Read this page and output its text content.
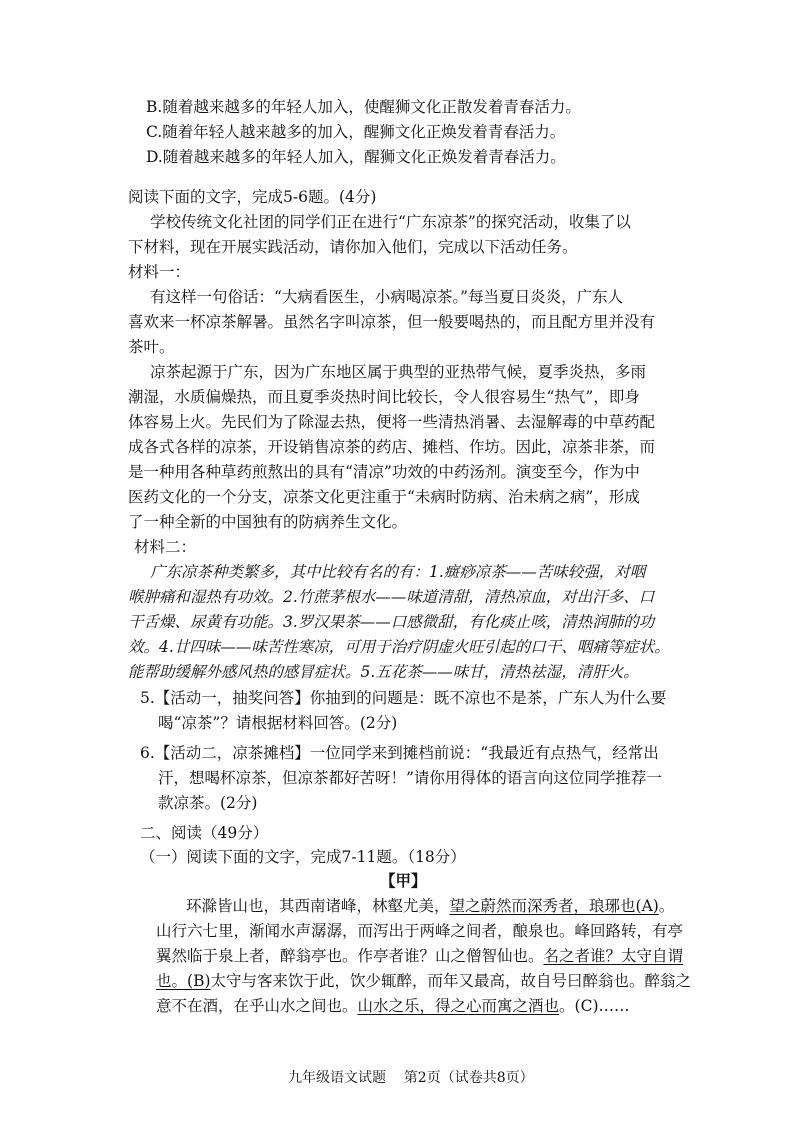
B.随着越来越多的年轻人加入，使醒狮文化正散发着青春活力。
C.随着年轻人越来越多的加入，醒狮文化正焕发着青春活力。
D.随着越来越多的年轻人加入，醒狮文化正焕发着青春活力。
阅读下面的文字，完成5-6题。(4分)
学校传统文化社团的同学们正在进行“广东凉茶”的探究活动，收集了以
下材料，现在开展实践活动，请你加入他们，完成以下活动任务。
材料一：
有这样一句俗话：“大病看医生，小病喝凉茶。”每当夏日炎炎，广东人
喜欢来一杯凉茶解暑。虽然名字叫凉茶，但一般要喝热的，而且配方里并没有
茶叶。
凉茶起源于广东，因为广东地区属于典型的亚热带气候，夏季炎热，多雨
潮湿，水质偏燥热，而且夏季炎热时间比较长，令人很容易生“热气”，即身
体容易上火。先民们为了除湿去热，便将一些清热消暑、去湿解毒的中草药配
成各式各样的凉茶，开设销售凉茶的药店、摊档、作坊。因此，凉茶非茶，而
是一种用各种草药煎熬出的具有“清凉”功效的中药汤剂。演变至今，作为中
医药文化的一个分支，凉茶文化更注重于“未病时防病、治未病之病”，形成
了一种全新的中国独有的防病养生文化。
材料二：
广东凉茶种类繁多，其中比较有名的有：1.癍痧凉茶——苦味较强，对咽
喉肿痛和湿热有功效。2.竹蔗茅根水——味道清甜，清热凉血，对出汗多、口
干舌燥、尿黄有功能。3.罗汉果茶——口感微甜，有化痰止咳，清热润肺的功
效。4.廿四味——味苦性寒凉，可用于治疗阴虚火旺引起的口干、咽痛等症状。
能帮助缓解外感风热的感冒症状。5.五花茶——味甘，清热祛湿，清肝火。
5.【活动一，抽奖问答】你抽到的问题是：既不凉也不是茶，广东人为什么要
喝“凉茶”？请根据材料回答。(2分)
6.【活动二，凉茶摊档】一位同学来到摊档前说：“我最近有点热气，经常出
汗，想喝杯凉茶，但凉茶都好苦呀！”请你用得体的语言向这位同学推荐一
款凉茶。(2分)
二、阅读（49分）
（一）阅读下面的文字，完成7-11题。（18分）
【甲】
环滁皆山也，其西南诸峰，林壑尤美，望之蔚然而深秀者，琅琊也(A)。
山行六七里，渐闻水声潺潺，而泻出于两峰之间者，酿泉也。峰回路转，有亭
翼然临于泉上者，醉翁亭也。作亭者谁？山之僧智仙也。名之者谁？太守自谓
也。(B)太守与客来饮于此，饮少辄醉，而年又最高，故自号曰醉翁也。醉翁之
意不在酒，在乎山水之间也。山水之乐，得之心而寓之酒也。(C)……
九年级语文试题    第2页（试卷共8页）
